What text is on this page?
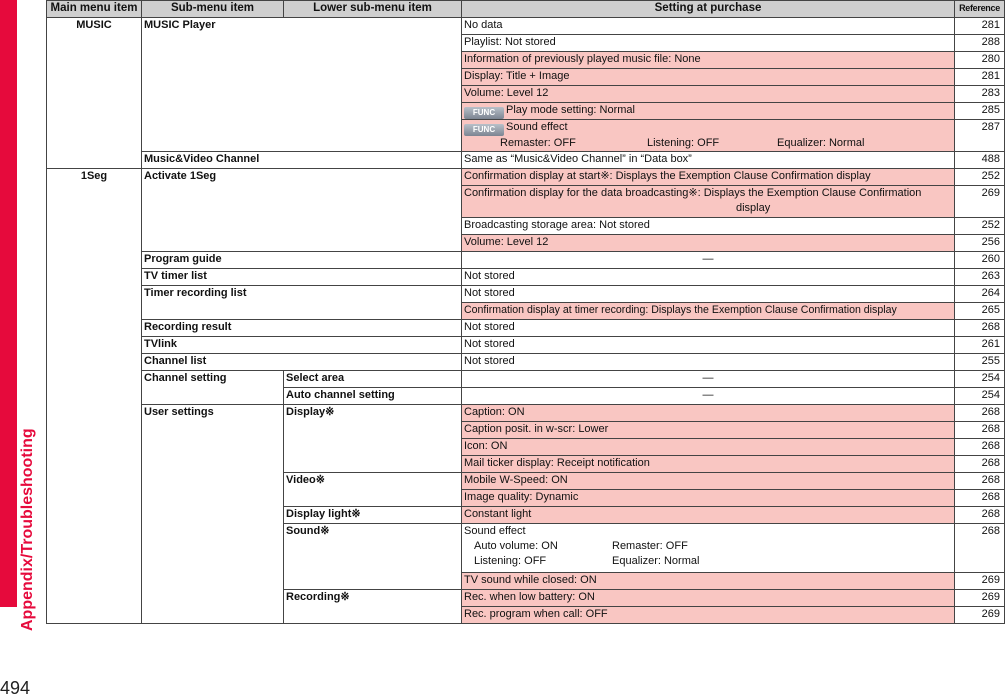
Appendix/Troubleshooting
494
Main menu item	Sub-menu item	Lower sub-menu item	Setting at purchase	Reference
MUSIC	MUSIC Player		No data	281
			Playlist: Not stored	288
			Information of previously played music file: None	280
			Display: Title + Image	281
			Volume: Level 12	283
			FUNC Play mode setting: Normal	285

			FUNC Sound effect
Remaster: OFF Listening: OFF Equalizer: Normal	287
	Music&Video Channel		Same as “Music&Video Channel” in “Data box”	488
1Seg	Activate 1Seg		Confirmation display at start※: Displays the Exemption Clause Confirmation display	252

			Confirmation display for the data broadcasting※: Displays the Exemption Clause Confirmation
display	269
			Broadcasting storage area: Not stored	252
			Volume: Level 12	256
	Program guide		—	260
	TV timer list		Not stored	263
	Timer recording list		Not stored	264
			Confirmation display at timer recording: Displays the Exemption Clause Confirmation display	265
	Recording result		Not stored	268
	TVlink		Not stored	261
	Channel list		Not stored	255
	Channel setting	Select area	—	254
		Auto channel setting	—	254
	User settings	Display※	Caption: ON	268
			Caption posit. in w-scr: Lower	268
			Icon: ON	268
			Mail ticker display: Receipt notification	268
		Video※	Mobile W-Speed: ON	268
			Image quality: Dynamic	268
		Display light※	Constant light	268
		Sound※	Sound effect
Auto volume: ON Remaster: OFF
Listening: OFF Equalizer: Normal	268
			TV sound while closed: ON	269
		Recording※	Rec. when low battery: ON	269
			Rec. program when call: OFF	269
